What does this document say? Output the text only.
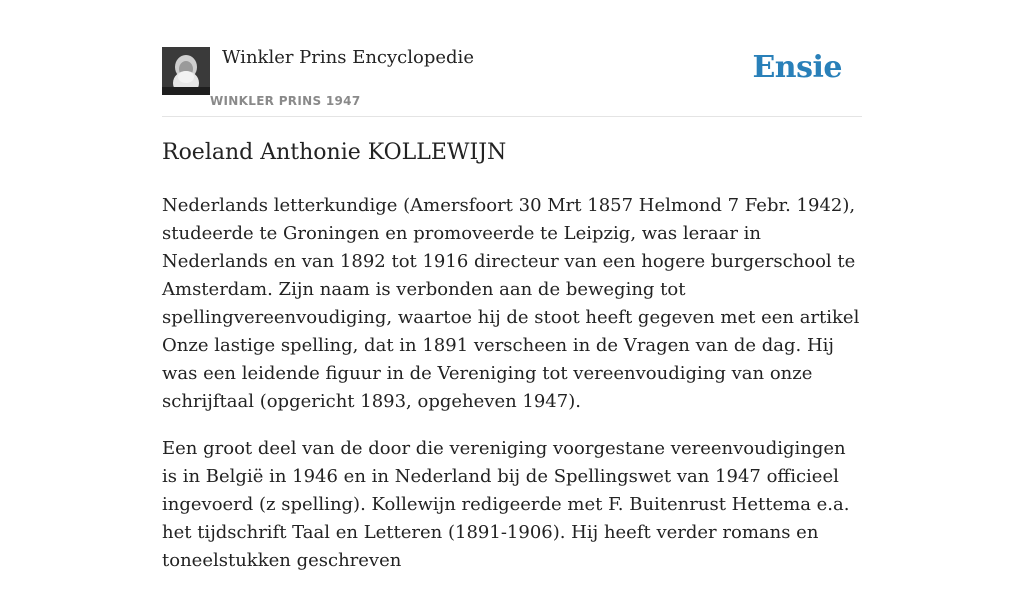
Winkler Prins Encyclopedie
WINKLER PRINS 1947
Ensie
Roeland Anthonie KOLLEWIJN

Nederlands letterkundige (Amersfoort 30 Mrt 1857 Helmond 7 Febr. 1942), studeerde te Groningen en promoveerde te Leipzig, was leraar in Nederlands en van 1892 tot 1916 directeur van een hogere burgerschool te Amsterdam. Zijn naam is verbonden aan de beweging tot spellingvereenvoudiging, waartoe hij de stoot heeft gegeven met een artikel Onze lastige spelling, dat in 1891 verscheen in de Vragen van de dag. Hij was een leidende figuur in de Vereniging tot vereenvoudiging van onze schrijftaal (opgericht 1893, opgeheven 1947).

Een groot deel van de door die vereniging voorgestane vereenvoudigingen is in België in 1946 en in Nederland bij de Spellingswet van 1947 officieel ingevoerd (z spelling). Kollewijn redigeerde met F. Buitenrust Hettema e.a. het tijdschrift Taal en Letteren (1891-1906). Hij heeft verder romans en toneelstukken geschreven
